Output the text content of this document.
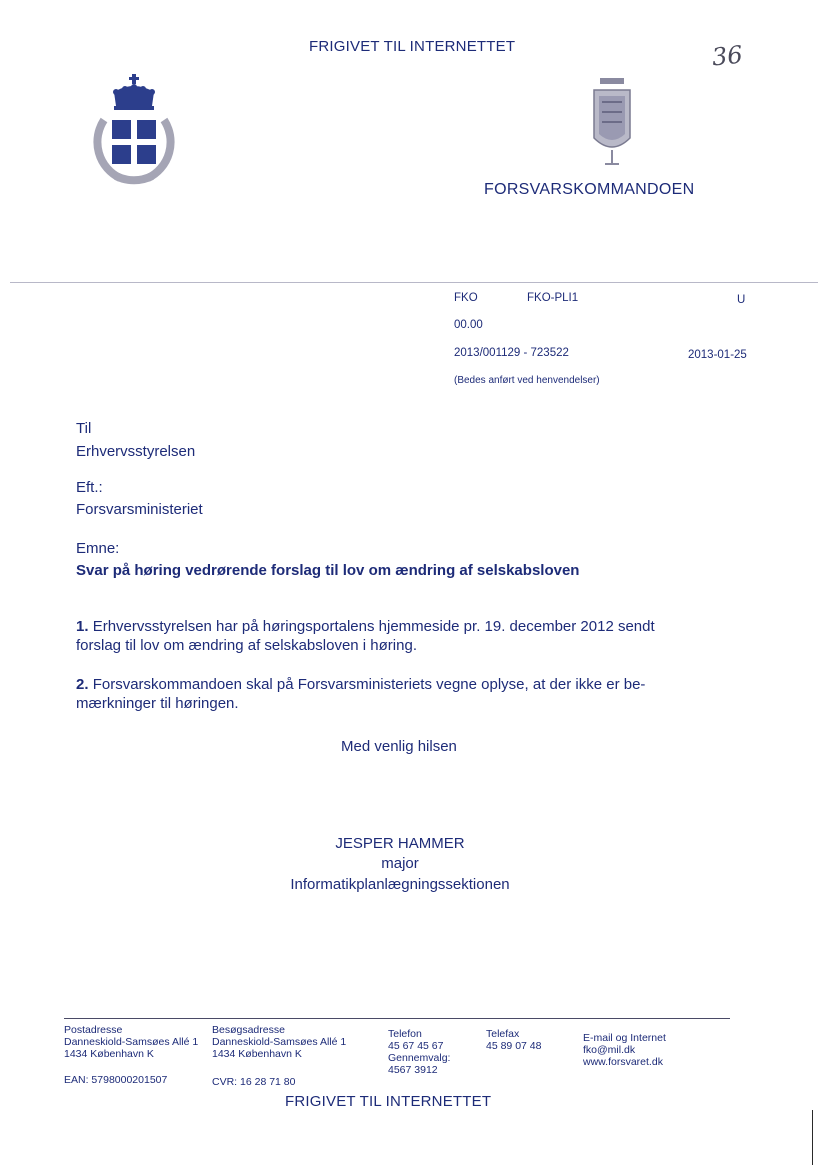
FRIGIVET TIL INTERNETTET	36
FORSVARSKOMMANDOEN
FKO	FKO-PLI1	U
00.00
2013/001129 - 723522	2013-01-25
(Bedes anført ved henvendelser)
Til
Erhvervsstyrelsen
Eft.:
Forsvarsministeriet
Emne:
Svar på høring vedrørende forslag til lov om ændring af selskabsloven
1. Erhvervsstyrelsen har på høringsportalens hjemmeside pr. 19. december 2012 sendt
forslag til lov om ændring af selskabsloven i høring.
2. Forsvarskommandoen skal på Forsvarsministeriets vegne oplyse, at der ikke er be-
mærkninger til høringen.
Med venlig hilsen
JESPER HAMMER
major
Informatikplanlægningssektionen
Postadresse
Danneskiold-Samsøes Allé 1
1434 København K
Besøgsadresse
Danneskiold-Samsøes Allé 1
1434 København K
Telefon
45 67 45 67
Gennemvalg:
4567 3912
Telefax
45 89 07 48
E-mail og Internet
fko@mil.dk
www.forsvaret.dk
EAN: 5798000201507	CVR: 16 28 71 80
FRIGIVET TIL INTERNETTET
